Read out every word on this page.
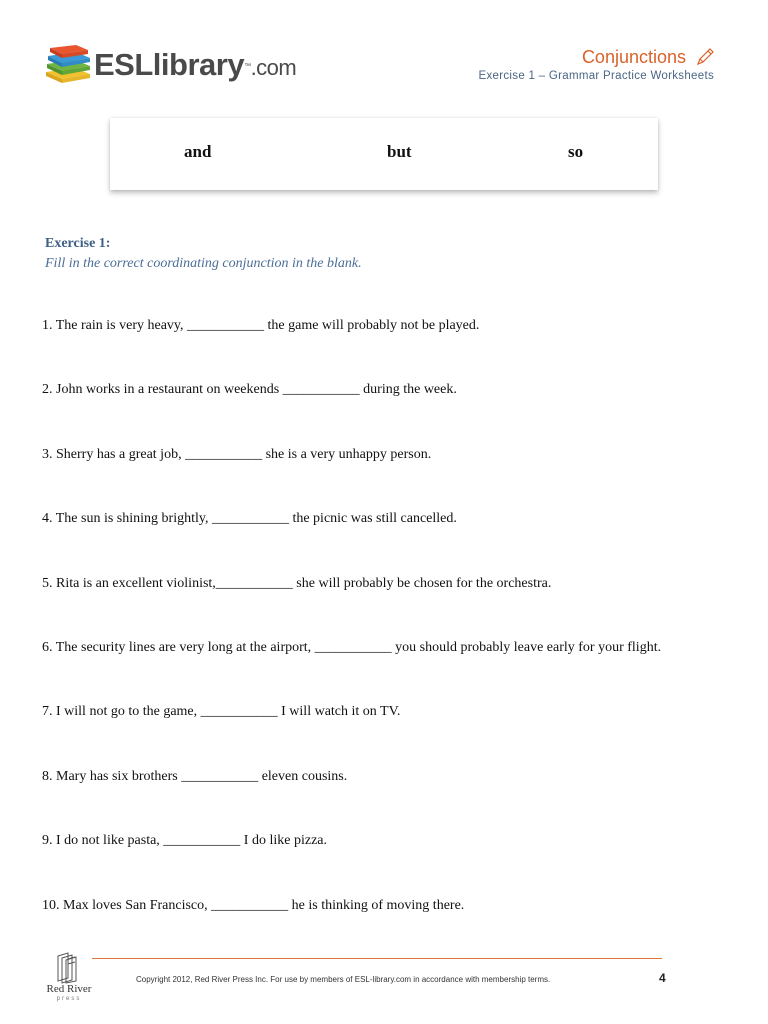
ESLlibrary™.com	Conjunctions
Exercise 1 – Grammar Practice Worksheets
and	but	so
Exercise 1:
Fill in the correct coordinating conjunction in the blank.
1. The rain is very heavy, ___________ the game will probably not be played.
2. John works in a restaurant on weekends ___________ during the week.
3. Sherry has a great job, ___________ she is a very unhappy person.
4. The sun is shining brightly, ___________ the picnic was still cancelled.
5. Rita is an excellent violinist,___________ she will probably be chosen for the orchestra.
6. The security lines are very long at the airport, ___________ you should probably leave early for your flight.
7. I will not go to the game, ___________ I will watch it on TV.
8. Mary has six brothers ___________ eleven cousins.
9. I do not like pasta, ___________ I do like pizza.
10. Max loves San Francisco, ___________ he is thinking of moving there.
Red River
press
Copyright 2012, Red River Press Inc. For use by members of ESL-library.com in accordance with membership terms.	4
